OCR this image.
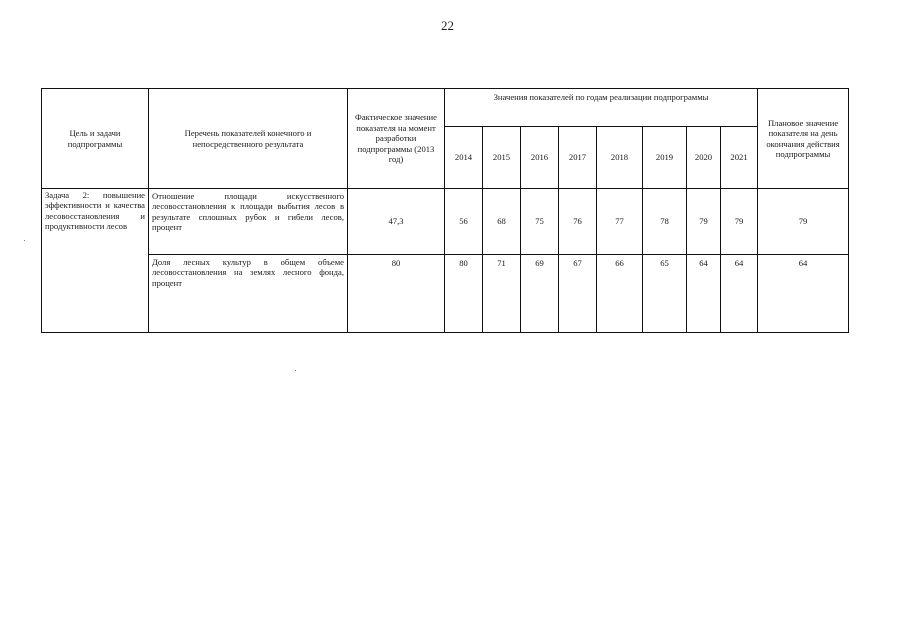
22
Цель и задачи подпрограммы	Перечень показателей конечного и непосредственного результата	Фактическое значение показателя на момент разработки подпрограммы (2013 год)	Значения показателей по годам реализации подпрограммы								Плановое значение показателя на день окончания действия подпрограммы
			2014	2015	2016	2017	2018	2019	2020	2021	
Задача 2: повышение эффективности и качества лесовосстановления и продуктивности лесов	Отношение площади искусственного лесовосстановления к площади выбытия лесов в результате сплошных рубок и гибели лесов, процент	47,3	56	68	75	76	77	78	79	79	79
	Доля лесных культур в общем объеме лесовосстановления на землях лесного фонда, процент	80	80	71	69	67	66	65	64	64	64
